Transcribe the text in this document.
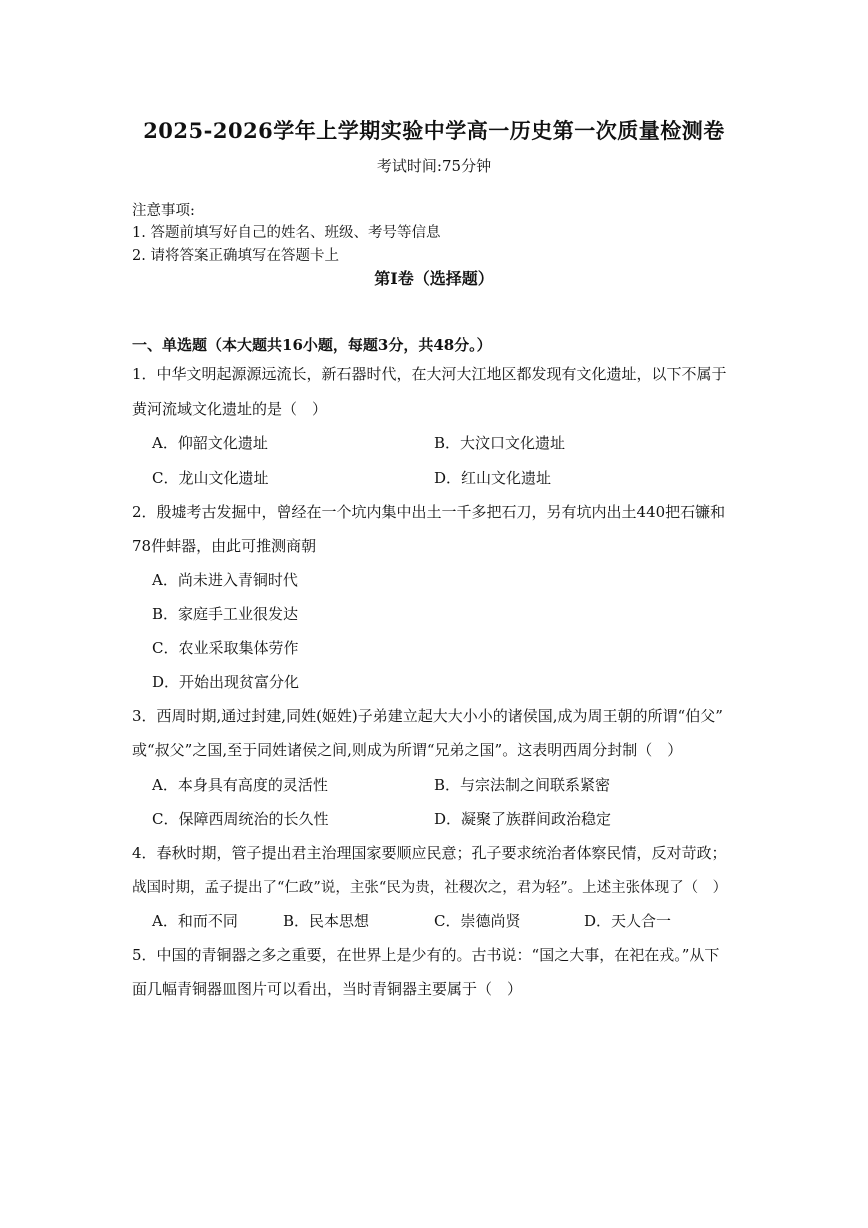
2025-2026学年上学期实验中学高一历史第一次质量检测卷
考试时间:75分钟
注意事项:
1. 答题前填写好自己的姓名、班级、考号等信息
2. 请将答案正确填写在答题卡上
第Ⅰ卷（选择题）
一、单选题（本大题共16小题，每题3分，共48分。）
1．中华文明起源源远流长，新石器时代，在大河大江地区都发现有文化遗址，以下不属于
黄河流域文化遗址的是（　）
A．仰韶文化遗址	B．大汶口文化遗址
C．龙山文化遗址	D．红山文化遗址
2．殷墟考古发掘中，曾经在一个坑内集中出土一千多把石刀，另有坑内出土440把石镰和
78件蚌器，由此可推测商朝
A．尚未进入青铜时代
B．家庭手工业很发达
C．农业采取集体劳作
D．开始出现贫富分化
3．西周时期,通过封建,同姓(姬姓)子弟建立起大大小小的诸侯国,成为周王朝的所谓“伯父”
或“叔父”之国,至于同姓诸侯之间,则成为所谓“兄弟之国”。这表明西周分封制（　）
A．本身具有高度的灵活性	B．与宗法制之间联系紧密
C．保障西周统治的长久性	D．凝聚了族群间政治稳定
4．春秋时期，管子提出君主治理国家要顺应民意；孔子要求统治者体察民情，反对苛政；
战国时期，孟子提出了“仁政”说，主张“民为贵，社稷次之，君为轻”。上述主张体现了（　）
A．和而不同	B．民本思想	C．崇德尚贤	D．天人合一
5．中国的青铜器之多之重要，在世界上是少有的。古书说：“国之大事，在祀在戎。”从下
面几幅青铜器皿图片可以看出，当时青铜器主要属于（　）
